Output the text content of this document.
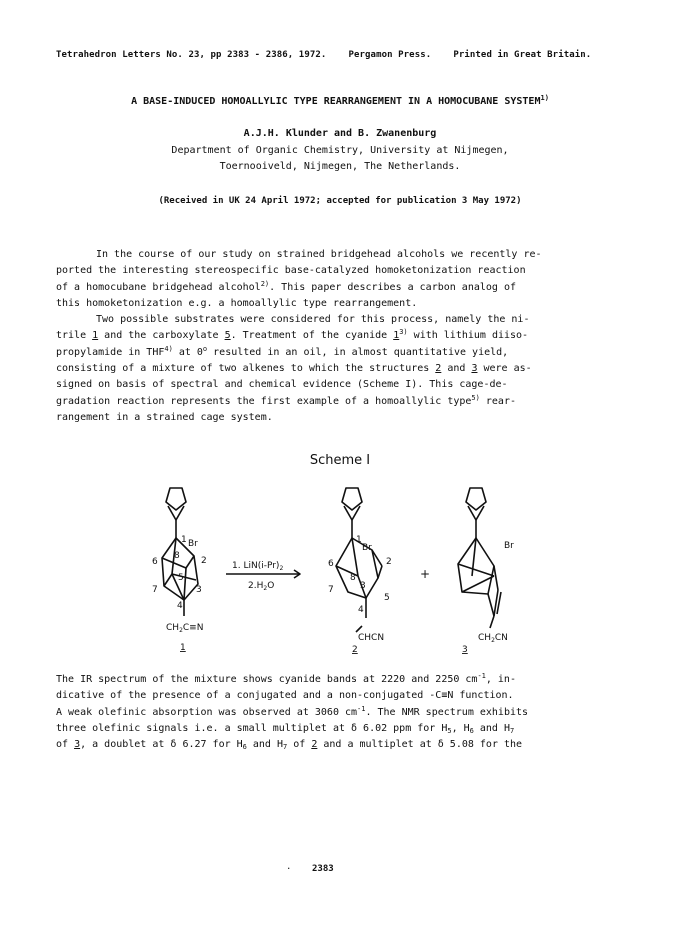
Tetrahedron Letters No. 23, pp 2383 - 2386, 1972. Pergamon Press. Printed in Great Britain.
A BASE-INDUCED HOMOALLYLIC TYPE REARRANGEMENT IN A HOMOCUBANE SYSTEM$^{1)}$
A.J.H. Klunder and B. Zwanenburg
Department of Organic Chemistry, University at Nijmegen,
Toernooiveld, Nijmegen, The Netherlands.
(Received in UK 24 April 1972; accepted for publication 3 May 1972)
In the course of our study on strained bridgehead alcohols we recently re-
ported the interesting stereospecific base-catalyzed homoketonization reaction
of a homocubane bridgehead alcohol$^{2)}$. This paper describes a carbon analog of
this homoketonization e.g. a homoallylic type rearrangement.
Two possible substrates were considered for this process, namely the ni-
trile 1 and the carboxylate 5. Treatment of the cyanide 1$^{3)}$ with lithium diiso-
propylamide in THF$^{4)}$ at 0$^o$ resulted in an oil, in almost quantitative yield,
consisting of a mixture of two alkenes to which the structures 2 and 3 were as-
signed on basis of spectral and chemical evidence (Scheme I). This cage-de-
gradation reaction represents the first example of a homoallylic type$^{5)}$ rear-
rangement in a strained cage system.
Scheme I
Br
1
2
3
4
5
6
7
8
$CH_2C\equiv N$
1
1. $LiN(i-Pr)_2$
$2.H_2O$
Br
1
2
3
4
5
6
7
8
CHCN
2
+
Br
$CH_2CN$
3
The IR spectrum of the mixture shows cyanide bands at 2220 and 2250 $cm^{-1}$, in-
dicative of the presence of a conjugated and a non-conjugated -C≡N function.
A weak olefinic absorption was observed at 3060 $cm^{-1}$. The NMR spectrum exhibits
three olefinic signals i.e. a small multiplet at δ 6.02 ppm for $H_5$, $H_6$ and $H_7$
of 3, a doublet at δ 6.27 for $H_6$ and $H_7$ of 2 and a multiplet at δ 5.08 for the
. 2383
